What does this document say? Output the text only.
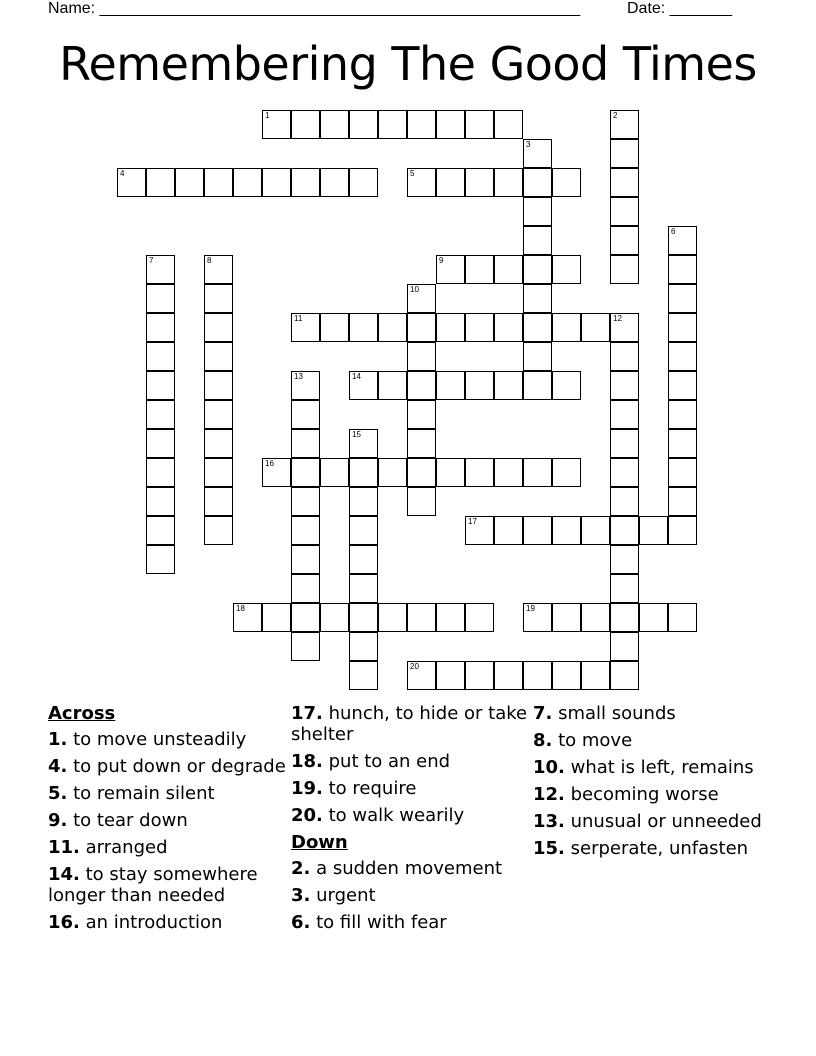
Name: ______________________________________________________	Date: _______
Remembering The Good Times
1	2
3
4	5
6
7	8	9
10
11	12
13	14
15
16
17
18	19
20
Across
1. to move unsteadily
4. to put down or degrade
5. to remain silent
9. to tear down
11. arranged
14. to stay somewhere longer than needed
16. an introduction
17. hunch, to hide or take shelter
18. put to an end
19. to require
20. to walk wearily
Down
2. a sudden movement
3. urgent
6. to fill with fear
7. small sounds
8. to move
10. what is left, remains
12. becoming worse
13. unusual or unneeded
15. serperate, unfasten
